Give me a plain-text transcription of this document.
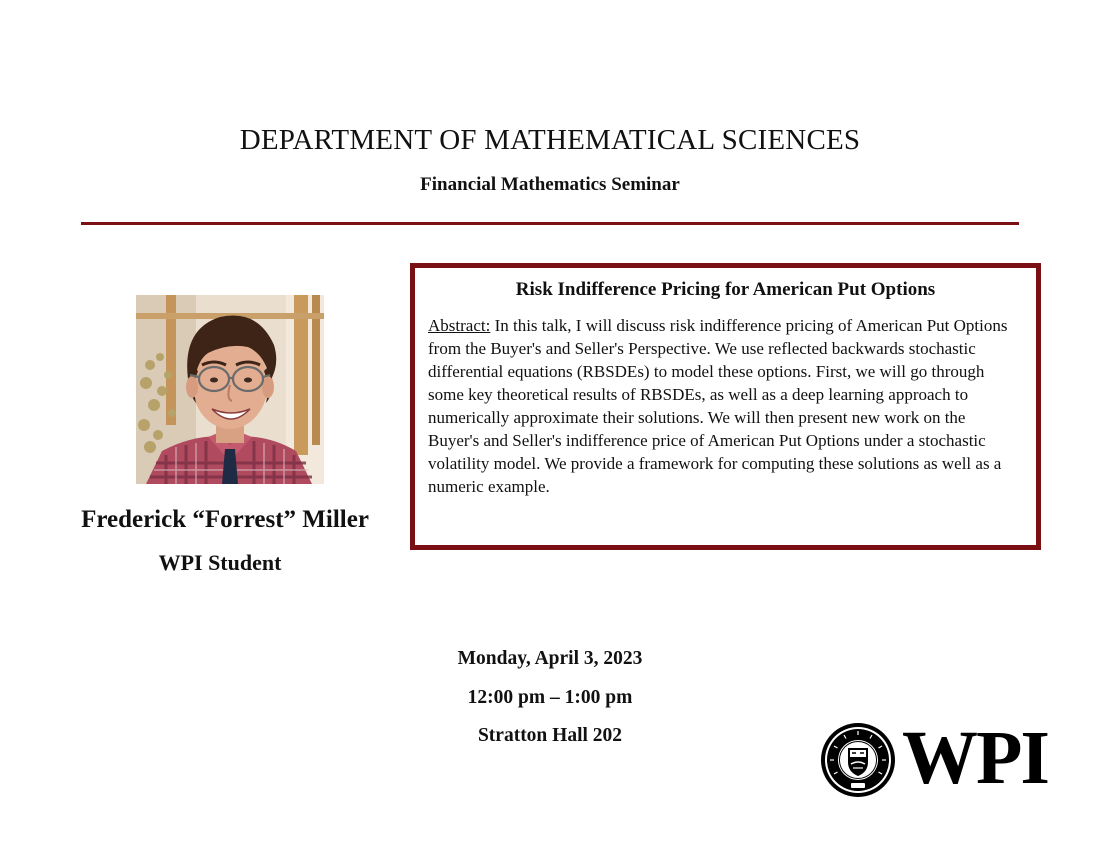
DEPARTMENT OF MATHEMATICAL SCIENCES
Financial Mathematics Seminar
Frederick “Forrest” Miller
WPI Student
Risk Indifference Pricing for American Put Options
Abstract: In this talk, I will discuss risk indifference pricing of American Put Options from the Buyer's and Seller's Perspective. We use reflected backwards stochastic differential equations (RBSDEs) to model these options. First, we will go through some key theoretical results of RBSDEs, as well as a deep learning approach to numerically approximate their solutions. We will then present new work on the Buyer's and Seller's indifference price of American Put Options under a stochastic volatility model. We provide a framework for computing these solutions as well as a numeric example.
Monday, April 3, 2023
12:00 pm – 1:00 pm
Stratton Hall 202	WPI
